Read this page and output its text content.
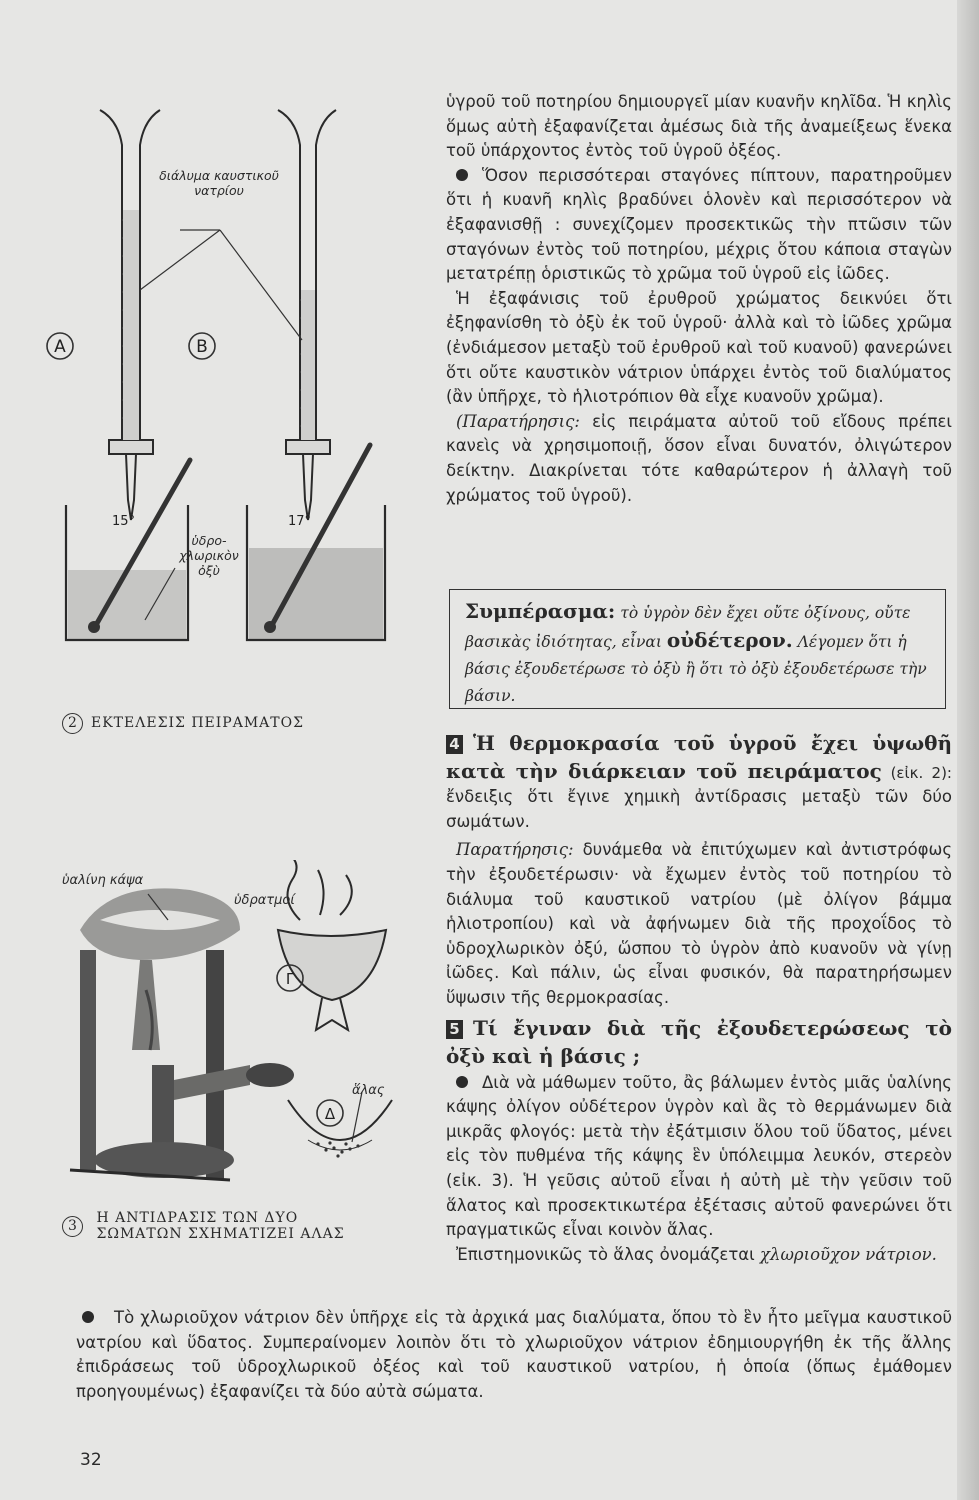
A	B
15°	17°
διάλυμα καυστικοῦ νατρίου
ὑδρο-χλωρικὸν ὀξὺ
2 ΕΚΤΕΛΕΣΙΣ ΠΕΙΡΑΜΑΤΟΣ
Γ
Δ
ὑαλίνη κάψα
ὑδρατμοί
ἅλας
3 Η ΑΝΤΙΔΡΑΣΙΣ ΤΩΝ ΔΥΟ
ΣΩΜΑΤΩΝ ΣΧΗΜΑΤΙΖΕΙ ΑΛΑΣ

ὑγροῦ τοῦ ποτηρίου δημιουργεῖ μίαν κυανῆν κηλῖδα. Ἡ κηλὶς ὅμως αὐτὴ ἐξαφανίζεται ἀμέσως διὰ τῆς ἀναμείξεως ἕνεκα τοῦ ὑπάρχοντος ἐντὸς τοῦ ὑγροῦ ὀξέος.

Ὅσον περισσότεραι σταγόνες πίπτουν, παρατηροῦμεν ὅτι ἡ κυανῆ κηλὶς βραδύνει ὁλονὲν καὶ περισσότερον νὰ ἐξαφανισθῇ : συνεχίζομεν προσεκτικῶς τὴν πτῶσιν τῶν σταγόνων ἐντὸς τοῦ ποτηρίου, μέχρις ὅτου κάποια σταγὼν μετατρέπῃ ὁριστικῶς τὸ χρῶμα τοῦ ὑγροῦ εἰς ἰῶδες.

Ἡ ἐξαφάνισις τοῦ ἐρυθροῦ χρώματος δεικνύει ὅτι ἐξηφανίσθη τὸ ὀξὺ ἐκ τοῦ ὑγροῦ· ἀλλὰ καὶ τὸ ἰῶδες χρῶμα (ἐνδιάμεσον μεταξὺ τοῦ ἐρυθροῦ καὶ τοῦ κυανοῦ) φανερώνει ὅτι οὔτε καυστικὸν νάτριον ὑπάρχει ἐντὸς τοῦ διαλύματος (ἂν ὑπῆρχε, τὸ ἡλιοτρόπιον θὰ εἶχε κυανοῦν χρῶμα).

(Παρατήρησις: εἰς πειράματα αὐτοῦ τοῦ εἴδους πρέπει κανεὶς νὰ χρησιμοποιῇ, ὅσον εἶναι δυνατόν, ὀλιγώτερον δείκτην. Διακρίνεται τότε καθαρώτερον ἡ ἀλλαγὴ τοῦ χρώματος τοῦ ὑγροῦ).

Συμπέρασμα: τὸ ὑγρὸν δὲν ἔχει οὔτε ὀξίνους, οὔτε βασικὰς ἰδιότητας, εἶναι οὐδέτερον. Λέγομεν ὅτι ἡ βάσις ἐξουδετέρωσε τὸ ὀξὺ ἢ ὅτι τὸ ὀξὺ ἐξουδετέρωσε τὴν βάσιν.

4 Ἡ θερμοκρασία τοῦ ὑγροῦ ἔχει ὑψωθῆ κατὰ τὴν διάρκειαν τοῦ πειράματος (εἰκ. 2): ἔνδειξις ὅτι ἔγινε χημικὴ ἀντίδρασις μεταξὺ τῶν δύο σωμάτων.

Παρατήρησις: δυνάμεθα νὰ ἐπιτύχωμεν καὶ ἀντιστρόφως τὴν ἐξουδετέρωσιν· νὰ ἔχωμεν ἐντὸς τοῦ ποτηρίου τὸ διάλυμα τοῦ καυστικοῦ νατρίου (μὲ ὀλίγον βάμμα ἡλιοτροπίου) καὶ νὰ ἀφήνωμεν διὰ τῆς προχοΐδος τὸ ὑδροχλωρικὸν ὀξύ, ὥσπου τὸ ὑγρὸν ἀπὸ κυανοῦν νὰ γίνῃ ἰῶδες. Καὶ πάλιν, ὡς εἶναι φυσικόν, θὰ παρατηρήσωμεν ὕψωσιν τῆς θερμοκρασίας.

5 Τί ἔγιναν διὰ τῆς ἐξουδετερώσεως τὸ ὀξὺ καὶ ἡ βάσις ;

Διὰ νὰ μάθωμεν τοῦτο, ἂς βάλωμεν ἐντὸς μιᾶς ὑαλίνης κάψης ὀλίγον οὐδέτερον ὑγρὸν καὶ ἂς τὸ θερμάνωμεν διὰ μικρᾶς φλογός: μετὰ τὴν ἐξάτμισιν ὅλου τοῦ ὕδατος, μένει εἰς τὸν πυθμένα τῆς κάψης ἓν ὑπόλειμμα λευκόν, στερεὸν (εἰκ. 3). Ἡ γεῦσις αὐτοῦ εἶναι ἡ αὐτὴ μὲ τὴν γεῦσιν τοῦ ἅλατος καὶ προσεκτικωτέρα ἐξέτασις αὐτοῦ φανερώνει ὅτι πραγματικῶς εἶναι κοινὸν ἅλας.

Ἐπιστημονικῶς τὸ ἅλας ὀνομάζεται χλωριοῦχον νάτριον.

Τὸ χλωριοῦχον νάτριον δὲν ὑπῆρχε εἰς τὰ ἀρχικά μας διαλύματα, ὅπου τὸ ἓν ἦτο μεῖγμα καυστικοῦ νατρίου καὶ ὕδατος. Συμπεραίνομεν λοιπὸν ὅτι τὸ χλωριοῦχον νάτριον ἐδημιουργήθη ἐκ τῆς ἄλλης ἐπιδράσεως τοῦ ὑδροχλωρικοῦ ὀξέος καὶ τοῦ καυστικοῦ νατρίου, ἡ ὁποία (ὅπως ἐμάθομεν προηγουμένως) ἐξαφανίζει τὰ δύο αὐτὰ σώματα.

32
